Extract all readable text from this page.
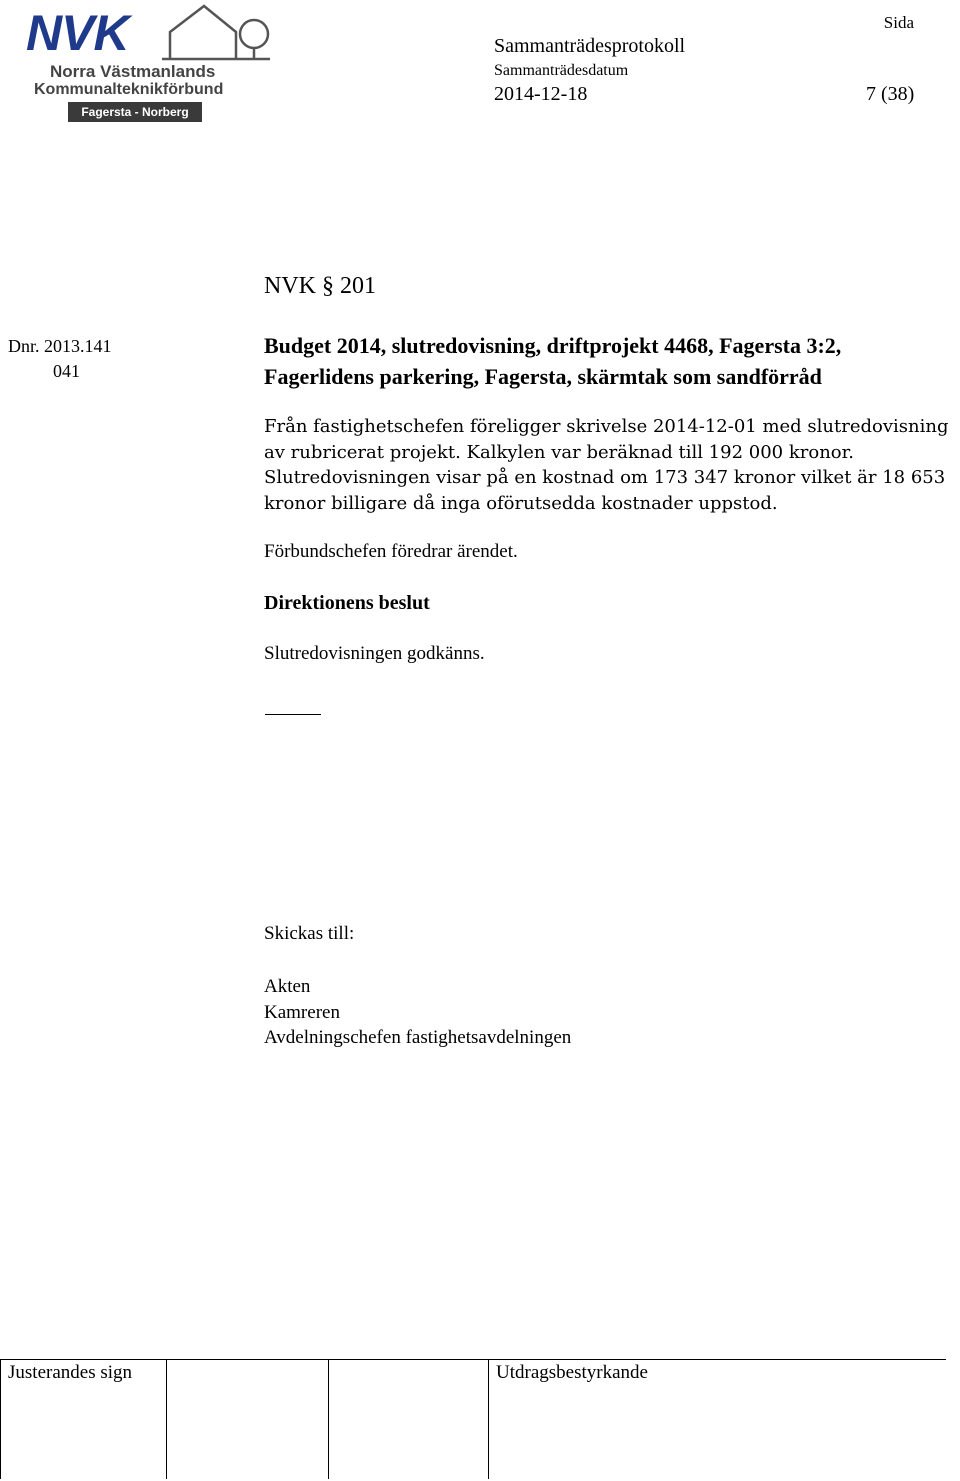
NVK
Norra Västmanlands
Kommunalteknikförbund
Fagersta - Norberg
Sida
Sammanträdesprotokoll
Sammanträdesdatum
2014-12-18	7 (38)
NVK § 201
Dnr. 2013.141
041
Budget 2014, slutredovisning, driftprojekt 4468, Fagersta 3:2, Fagerlidens parkering, Fagersta, skärmtak som sandförråd

Från fastighetschefen föreligger skrivelse 2014-12-01 med slutredovisning av rubricerat projekt. Kalkylen var beräknad till 192 000 kronor. Slutredovisningen visar på en kostnad om 173 347 kronor vilket är 18 653 kronor billigare då inga oförutsedda kostnader uppstod.

Förbundschefen föredrar ärendet.
Direktionens beslut
Slutredovisningen godkänns.
Skickas till:
Akten
Kamreren
Avdelningschefen fastighetsavdelningen
Justerandes sign	Utdragsbestyrkande
